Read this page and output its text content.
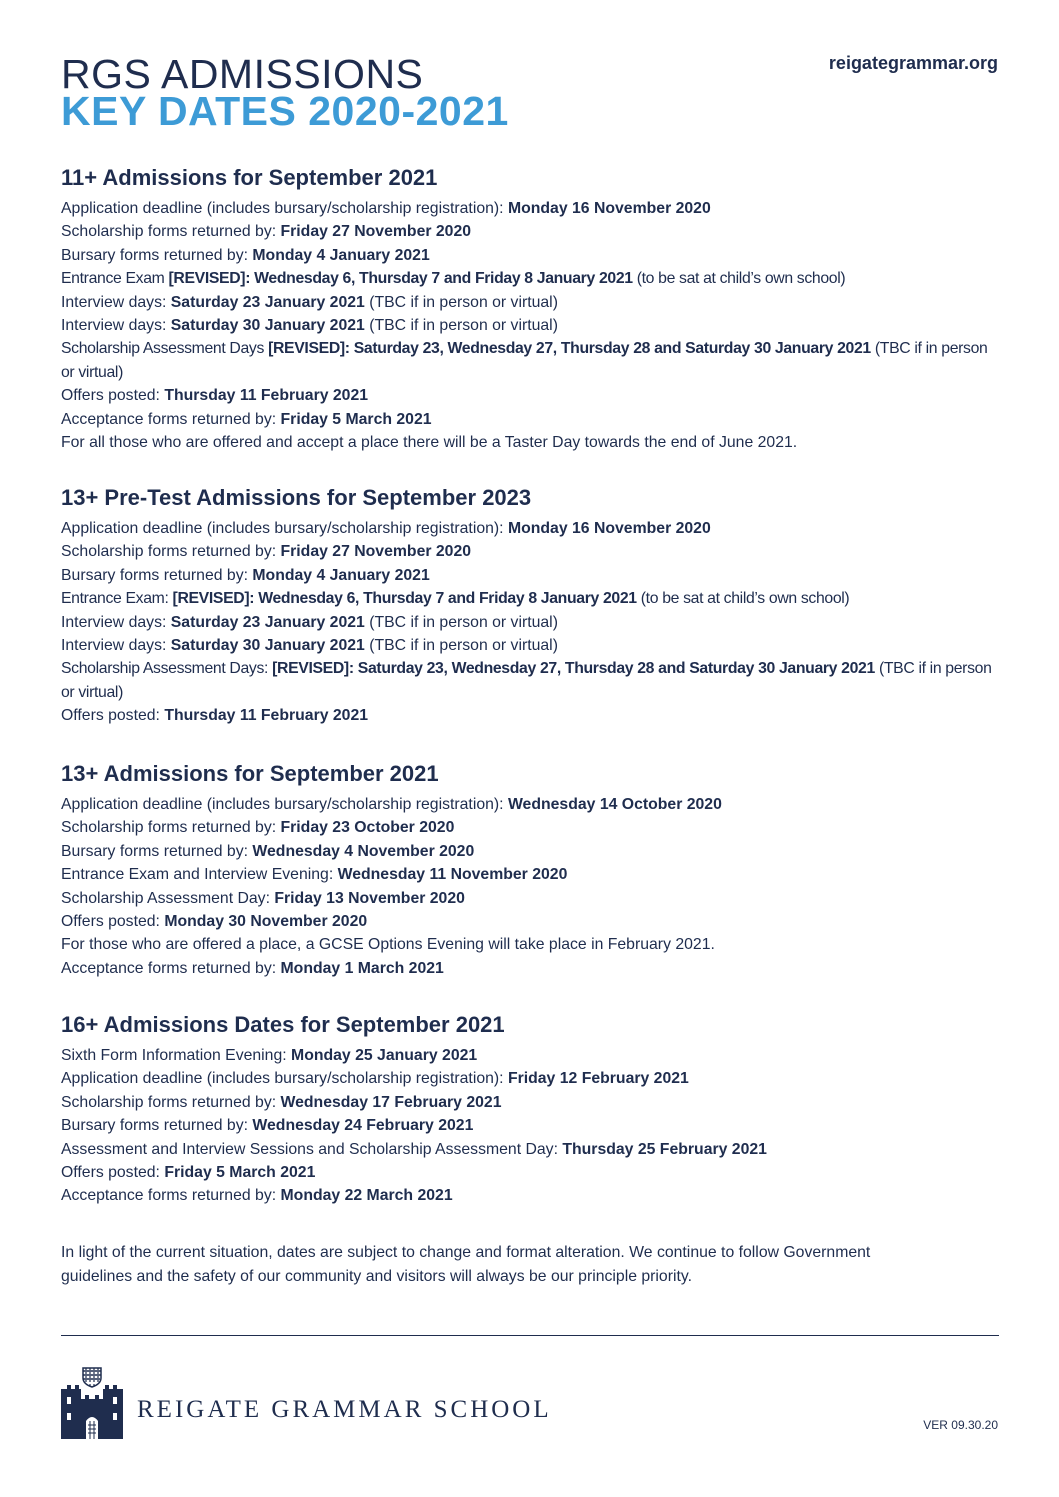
RGS ADMISSIONS
KEY DATES 2020-2021
reigategrammar.org
11+ Admissions for September 2021
Application deadline (includes bursary/scholarship registration): Monday 16 November 2020
Scholarship forms returned by: Friday 27 November 2020
Bursary forms returned by: Monday 4 January 2021
Entrance Exam [REVISED]: Wednesday 6, Thursday 7 and Friday 8 January 2021 (to be sat at child’s own school)
Interview days: Saturday 23 January 2021 (TBC if in person or virtual)
Interview days: Saturday 30 January 2021 (TBC if in person or virtual)
Scholarship Assessment Days [REVISED]: Saturday 23, Wednesday 27, Thursday 28 and Saturday 30 January 2021 (TBC if in person or virtual)
Offers posted: Thursday 11 February 2021
Acceptance forms returned by: Friday 5 March 2021
For all those who are offered and accept a place there will be a Taster Day towards the end of June 2021.
13+ Pre-Test Admissions for September 2023
Application deadline (includes bursary/scholarship registration): Monday 16 November 2020
Scholarship forms returned by: Friday 27 November 2020
Bursary forms returned by: Monday 4 January 2021
Entrance Exam: [REVISED]: Wednesday 6, Thursday 7 and Friday 8 January 2021 (to be sat at child’s own school)
Interview days: Saturday 23 January 2021 (TBC if in person or virtual)
Interview days: Saturday 30 January 2021 (TBC if in person or virtual)
Scholarship Assessment Days: [REVISED]: Saturday 23, Wednesday 27, Thursday 28 and Saturday 30 January 2021 (TBC if in person or virtual)
Offers posted: Thursday 11 February 2021
13+ Admissions for September 2021
Application deadline (includes bursary/scholarship registration): Wednesday 14 October 2020
Scholarship forms returned by: Friday 23 October 2020
Bursary forms returned by: Wednesday 4 November 2020
Entrance Exam and Interview Evening: Wednesday 11 November 2020
Scholarship Assessment Day: Friday 13 November 2020
Offers posted: Monday 30 November 2020
For those who are offered a place, a GCSE Options Evening will take place in February 2021.
Acceptance forms returned by: Monday 1 March 2021
16+ Admissions Dates for September 2021
Sixth Form Information Evening: Monday 25 January 2021
Application deadline (includes bursary/scholarship registration): Friday 12 February 2021
Scholarship forms returned by: Wednesday 17 February 2021
Bursary forms returned by: Wednesday 24 February 2021
Assessment and Interview Sessions and Scholarship Assessment Day: Thursday 25 February 2021
Offers posted: Friday 5 March 2021
Acceptance forms returned by: Monday 22 March 2021
In light of the current situation, dates are subject to change and format alteration. We continue to follow Government guidelines and the safety of our community and visitors will always be our principle priority.
REIGATE GRAMMAR SCHOOL
VER 09.30.20
